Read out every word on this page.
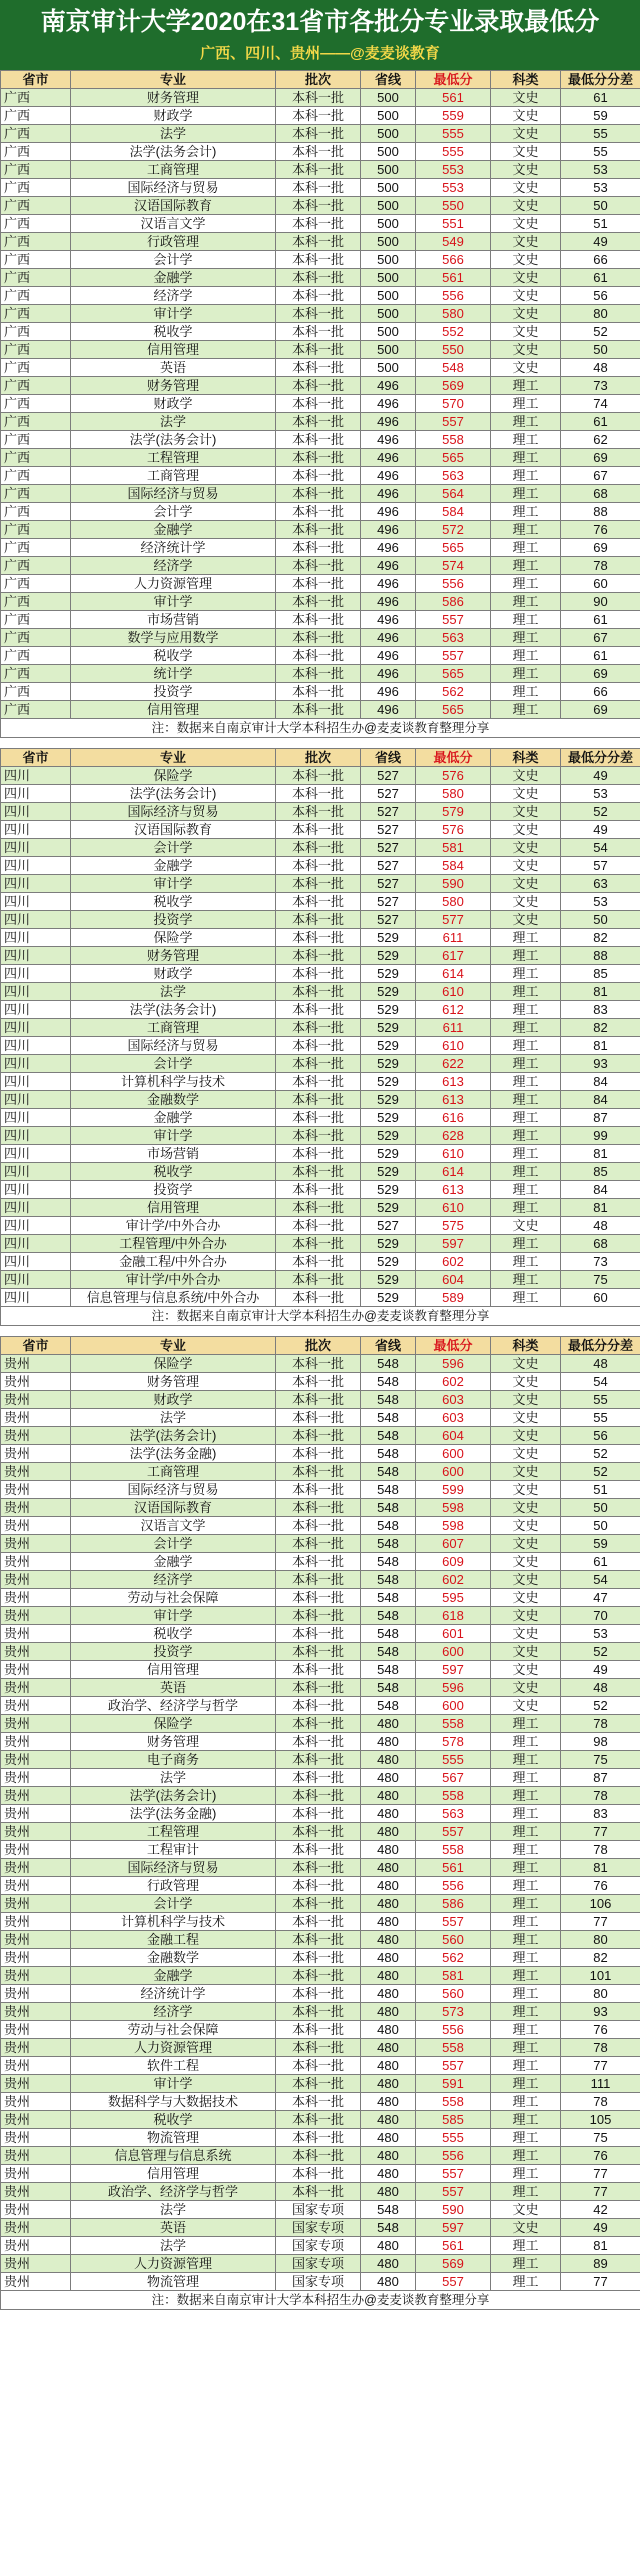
南京审计大学2020在31省市各批分专业录取最低分
广西、四川、贵州——@麦麦谈教育
省市	专业	批次	省线	最低分	科类	最低分分差
广西	财务管理	本科一批	500	561	文史	61
广西	财政学	本科一批	500	559	文史	59
广西	法学	本科一批	500	555	文史	55
广西	法学(法务会计)	本科一批	500	555	文史	55
广西	工商管理	本科一批	500	553	文史	53
广西	国际经济与贸易	本科一批	500	553	文史	53
广西	汉语国际教育	本科一批	500	550	文史	50
广西	汉语言文学	本科一批	500	551	文史	51
广西	行政管理	本科一批	500	549	文史	49
广西	会计学	本科一批	500	566	文史	66
广西	金融学	本科一批	500	561	文史	61
广西	经济学	本科一批	500	556	文史	56
广西	审计学	本科一批	500	580	文史	80
广西	税收学	本科一批	500	552	文史	52
广西	信用管理	本科一批	500	550	文史	50
广西	英语	本科一批	500	548	文史	48
广西	财务管理	本科一批	496	569	理工	73
广西	财政学	本科一批	496	570	理工	74
广西	法学	本科一批	496	557	理工	61
广西	法学(法务会计)	本科一批	496	558	理工	62
广西	工程管理	本科一批	496	565	理工	69
广西	工商管理	本科一批	496	563	理工	67
广西	国际经济与贸易	本科一批	496	564	理工	68
广西	会计学	本科一批	496	584	理工	88
广西	金融学	本科一批	496	572	理工	76
广西	经济统计学	本科一批	496	565	理工	69
广西	经济学	本科一批	496	574	理工	78
广西	人力资源管理	本科一批	496	556	理工	60
广西	审计学	本科一批	496	586	理工	90
广西	市场营销	本科一批	496	557	理工	61
广西	数学与应用数学	本科一批	496	563	理工	67
广西	税收学	本科一批	496	557	理工	61
广西	统计学	本科一批	496	565	理工	69
广西	投资学	本科一批	496	562	理工	66
广西	信用管理	本科一批	496	565	理工	69
注：数据来自南京审计大学本科招生办@麦麦谈教育整理分享						
省市	专业	批次	省线	最低分	科类	最低分分差
四川	保险学	本科一批	527	576	文史	49
四川	法学(法务会计)	本科一批	527	580	文史	53
四川	国际经济与贸易	本科一批	527	579	文史	52
四川	汉语国际教育	本科一批	527	576	文史	49
四川	会计学	本科一批	527	581	文史	54
四川	金融学	本科一批	527	584	文史	57
四川	审计学	本科一批	527	590	文史	63
四川	税收学	本科一批	527	580	文史	53
四川	投资学	本科一批	527	577	文史	50
四川	保险学	本科一批	529	611	理工	82
四川	财务管理	本科一批	529	617	理工	88
四川	财政学	本科一批	529	614	理工	85
四川	法学	本科一批	529	610	理工	81
四川	法学(法务会计)	本科一批	529	612	理工	83
四川	工商管理	本科一批	529	611	理工	82
四川	国际经济与贸易	本科一批	529	610	理工	81
四川	会计学	本科一批	529	622	理工	93
四川	计算机科学与技术	本科一批	529	613	理工	84
四川	金融数学	本科一批	529	613	理工	84
四川	金融学	本科一批	529	616	理工	87
四川	审计学	本科一批	529	628	理工	99
四川	市场营销	本科一批	529	610	理工	81
四川	税收学	本科一批	529	614	理工	85
四川	投资学	本科一批	529	613	理工	84
四川	信用管理	本科一批	529	610	理工	81
四川	审计学/中外合办	本科一批	527	575	文史	48
四川	工程管理/中外合办	本科一批	529	597	理工	68
四川	金融工程/中外合办	本科一批	529	602	理工	73
四川	审计学/中外合办	本科一批	529	604	理工	75
四川	信息管理与信息系统/中外合办	本科一批	529	589	理工	60
注：数据来自南京审计大学本科招生办@麦麦谈教育整理分享						
省市	专业	批次	省线	最低分	科类	最低分分差
贵州	保险学	本科一批	548	596	文史	48
贵州	财务管理	本科一批	548	602	文史	54
贵州	财政学	本科一批	548	603	文史	55
贵州	法学	本科一批	548	603	文史	55
贵州	法学(法务会计)	本科一批	548	604	文史	56
贵州	法学(法务金融)	本科一批	548	600	文史	52
贵州	工商管理	本科一批	548	600	文史	52
贵州	国际经济与贸易	本科一批	548	599	文史	51
贵州	汉语国际教育	本科一批	548	598	文史	50
贵州	汉语言文学	本科一批	548	598	文史	50
贵州	会计学	本科一批	548	607	文史	59
贵州	金融学	本科一批	548	609	文史	61
贵州	经济学	本科一批	548	602	文史	54
贵州	劳动与社会保障	本科一批	548	595	文史	47
贵州	审计学	本科一批	548	618	文史	70
贵州	税收学	本科一批	548	601	文史	53
贵州	投资学	本科一批	548	600	文史	52
贵州	信用管理	本科一批	548	597	文史	49
贵州	英语	本科一批	548	596	文史	48
贵州	政治学、经济学与哲学	本科一批	548	600	文史	52
贵州	保险学	本科一批	480	558	理工	78
贵州	财务管理	本科一批	480	578	理工	98
贵州	电子商务	本科一批	480	555	理工	75
贵州	法学	本科一批	480	567	理工	87
贵州	法学(法务会计)	本科一批	480	558	理工	78
贵州	法学(法务金融)	本科一批	480	563	理工	83
贵州	工程管理	本科一批	480	557	理工	77
贵州	工程审计	本科一批	480	558	理工	78
贵州	国际经济与贸易	本科一批	480	561	理工	81
贵州	行政管理	本科一批	480	556	理工	76
贵州	会计学	本科一批	480	586	理工	106
贵州	计算机科学与技术	本科一批	480	557	理工	77
贵州	金融工程	本科一批	480	560	理工	80
贵州	金融数学	本科一批	480	562	理工	82
贵州	金融学	本科一批	480	581	理工	101
贵州	经济统计学	本科一批	480	560	理工	80
贵州	经济学	本科一批	480	573	理工	93
贵州	劳动与社会保障	本科一批	480	556	理工	76
贵州	人力资源管理	本科一批	480	558	理工	78
贵州	软件工程	本科一批	480	557	理工	77
贵州	审计学	本科一批	480	591	理工	111
贵州	数据科学与大数据技术	本科一批	480	558	理工	78
贵州	税收学	本科一批	480	585	理工	105
贵州	物流管理	本科一批	480	555	理工	75
贵州	信息管理与信息系统	本科一批	480	556	理工	76
贵州	信用管理	本科一批	480	557	理工	77
贵州	政治学、经济学与哲学	本科一批	480	557	理工	77
贵州	法学	国家专项	548	590	文史	42
贵州	英语	国家专项	548	597	文史	49
贵州	法学	国家专项	480	561	理工	81
贵州	人力资源管理	国家专项	480	569	理工	89
贵州	物流管理	国家专项	480	557	理工	77
注：数据来自南京审计大学本科招生办@麦麦谈教育整理分享						
